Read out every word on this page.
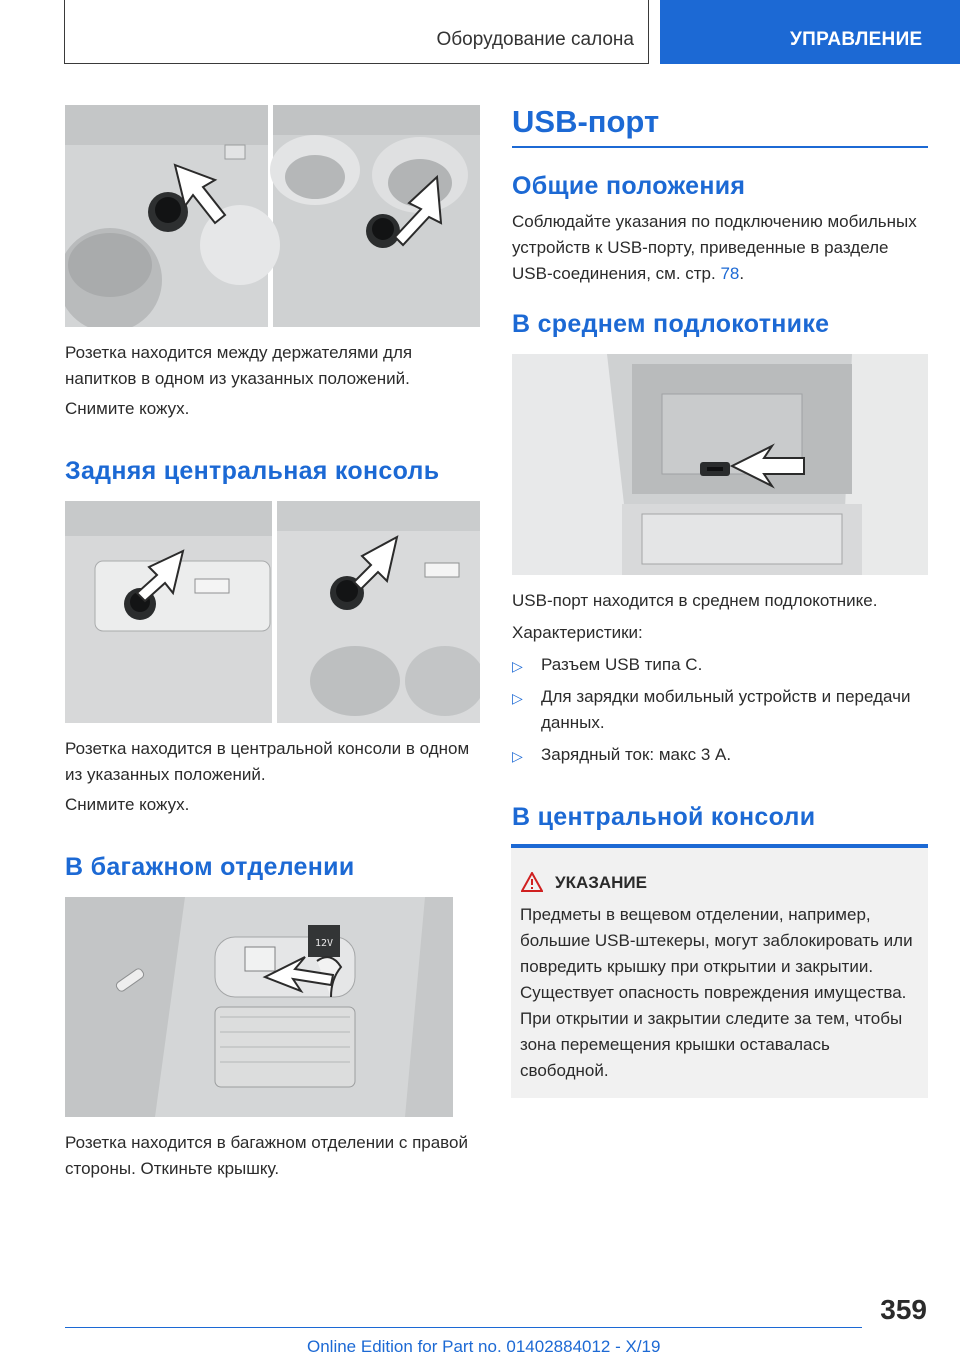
Оборудование салона	УПРАВЛЕНИЕ
Розетка находится между держателями для напитков в одном из указанных положений.
Снимите кожух.
Задняя центральная консоль
Розетка находится в центральной консоли в одном из указанных положений.
Снимите кожух.
В багажном отделении
12V
Розетка находится в багажном отделении с правой стороны. Откиньте крышку.
USB-порт
Общие положения
Соблюдайте указания по подключению мобильных устройств к USB-порту, приведенные в разделе USB-соединения, см. стр. 78.
В среднем подлокотнике
USB-порт находится в среднем подлокотнике.
Характеристики:
▷	Разъем USB типа C.
▷	Для зарядки мобильный устройств и передачи данных.
▷	Зарядный ток: макс 3 А.
В центральной консоли
УКАЗАНИЕ
Предметы в вещевом отделении, например, большие USB-штекеры, могут заблокировать или повредить крышку при открытии и закрытии. Существует опасность повреждения имущества. При открытии и закрытии следите за тем, чтобы зона перемещения крышки оставалась свободной.
359
Online Edition for Part no. 01402884012 - X/19
